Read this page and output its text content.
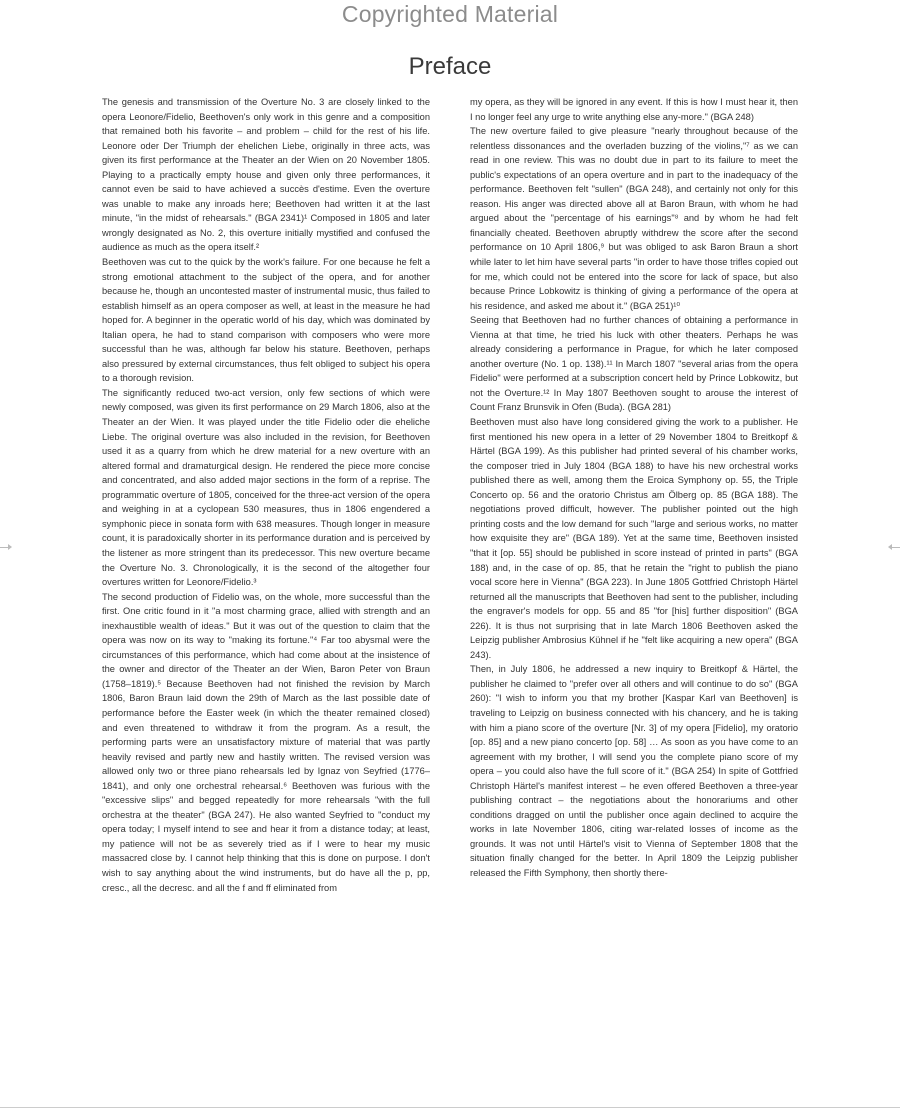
Copyrighted Material
Preface

The genesis and transmission of the Overture No. 3 are closely linked to the opera Leonore/Fidelio, Beethoven's only work in this genre and a composition that remained both his favorite – and problem – child for the rest of his life. Leonore oder Der Triumph der ehelichen Liebe, originally in three acts, was given its first performance at the Theater an der Wien on 20 November 1805. Playing to a practically empty house and given only three performances, it cannot even be said to have achieved a succès d'estime. Even the overture was unable to make any inroads here; Beethoven had written it at the last minute, "in the midst of rehearsals." (BGA 2341)¹ Composed in 1805 and later wrongly designated as No. 2, this overture initially mystified and confused the audience as much as the opera itself.²

Beethoven was cut to the quick by the work's failure. For one because he felt a strong emotional attachment to the subject of the opera, and for another because he, though an uncontested master of instrumental music, thus failed to establish himself as an opera composer as well, at least in the measure he had hoped for. A beginner in the operatic world of his day, which was dominated by Italian opera, he had to stand comparison with composers who were more successful than he was, although far below his stature. Beethoven, perhaps also pressured by external circumstances, thus felt obliged to subject his opera to a thorough revision.

The significantly reduced two-act version, only few sections of which were newly composed, was given its first performance on 29 March 1806, also at the Theater an der Wien. It was played under the title Fidelio oder die eheliche Liebe. The original overture was also included in the revision, for Beethoven used it as a quarry from which he drew material for a new overture with an altered formal and dramaturgical design. He rendered the piece more concise and concentrated, and also added major sections in the form of a reprise. The programmatic overture of 1805, conceived for the three-act version of the opera and weighing in at a cyclopean 530 measures, thus in 1806 engendered a symphonic piece in sonata form with 638 measures. Though longer in measure count, it is paradoxically shorter in its performance duration and is perceived by the listener as more stringent than its predecessor. This new overture became the Overture No. 3. Chronologically, it is the second of the altogether four overtures written for Leonore/Fidelio.³

The second production of Fidelio was, on the whole, more successful than the first. One critic found in it "a most charming grace, allied with strength and an inexhaustible wealth of ideas." But it was out of the question to claim that the opera was now on its way to "making its fortune."⁴ Far too abysmal were the circumstances of this performance, which had come about at the insistence of the owner and director of the Theater an der Wien, Baron Peter von Braun (1758–1819).⁵ Because Beethoven had not finished the revision by March 1806, Baron Braun laid down the 29th of March as the last possible date of performance before the Easter week (in which the theater remained closed) and even threatened to withdraw it from the program. As a result, the performing parts were an unsatisfactory mixture of material that was partly heavily revised and partly new and hastily written. The revised version was allowed only two or three piano rehearsals led by Ignaz von Seyfried (1776–1841), and only one orchestral rehearsal.⁶ Beethoven was furious with the "excessive slips" and begged repeatedly for more rehearsals "with the full orchestra at the theater" (BGA 247). He also wanted Seyfried to "conduct my opera today; I myself intend to see and hear it from a distance today; at least, my patience will not be as severely tried as if I were to hear my music massacred close by. I cannot help thinking that this is done on purpose. I don't wish to say anything about the wind instruments, but do have all the p, pp, cresc., all the decresc. and all the f and ff eliminated from

my opera, as they will be ignored in any event. If this is how I must hear it, then I no longer feel any urge to write anything else any-more." (BGA 248)

The new overture failed to give pleasure "nearly throughout because of the relentless dissonances and the overladen buzzing of the violins,"⁷ as we can read in one review. This was no doubt due in part to its failure to meet the public's expectations of an opera overture and in part to the inadequacy of the performance. Beethoven felt "sullen" (BGA 248), and certainly not only for this reason. His anger was directed above all at Baron Braun, with whom he had argued about the "percentage of his earnings"⁸ and by whom he had felt financially cheated. Beethoven abruptly withdrew the score after the second performance on 10 April 1806,⁹ but was obliged to ask Baron Braun a short while later to let him have several parts "in order to have those trifles copied out for me, which could not be entered into the score for lack of space, but also because Prince Lobkowitz is thinking of giving a performance of the opera at his residence, and asked me about it." (BGA 251)¹⁰

Seeing that Beethoven had no further chances of obtaining a performance in Vienna at that time, he tried his luck with other theaters. Perhaps he was already considering a performance in Prague, for which he later composed another overture (No. 1 op. 138).¹¹ In March 1807 "several arias from the opera Fidelio" were performed at a subscription concert held by Prince Lobkowitz, but not the Overture.¹² In May 1807 Beethoven sought to arouse the interest of Count Franz Brunsvik in Ofen (Buda). (BGA 281)

Beethoven must also have long considered giving the work to a publisher. He first mentioned his new opera in a letter of 29 November 1804 to Breitkopf & Härtel (BGA 199). As this publisher had printed several of his chamber works, the composer tried in July 1804 (BGA 188) to have his new orchestral works published there as well, among them the Eroica Symphony op. 55, the Triple Concerto op. 56 and the oratorio Christus am Ölberg op. 85 (BGA 188). The negotiations proved difficult, however. The publisher pointed out the high printing costs and the low demand for such "large and serious works, no matter how exquisite they are" (BGA 189). Yet at the same time, Beethoven insisted "that it [op. 55] should be published in score instead of printed in parts" (BGA 188) and, in the case of op. 85, that he retain the "right to publish the piano vocal score here in Vienna" (BGA 223). In June 1805 Gottfried Christoph Härtel returned all the manuscripts that Beethoven had sent to the publisher, including the engraver's models for opp. 55 and 85 "for [his] further disposition" (BGA 226). It is thus not surprising that in late March 1806 Beethoven asked the Leipzig publisher Ambrosius Kühnel if he "felt like acquiring a new opera" (BGA 243).

Then, in July 1806, he addressed a new inquiry to Breitkopf & Härtel, the publisher he claimed to "prefer over all others and will continue to do so" (BGA 260): "I wish to inform you that my brother [Kaspar Karl van Beethoven] is traveling to Leipzig on business connected with his chancery, and he is taking with him a piano score of the overture [Nr. 3] of my opera [Fidelio], my oratorio [op. 85] and a new piano concerto [op. 58] … As soon as you have come to an agreement with my brother, I will send you the complete piano score of my opera – you could also have the full score of it." (BGA 254) In spite of Gottfried Christoph Härtel's manifest interest – he even offered Beethoven a three-year publishing contract – the negotiations about the honorariums and other conditions dragged on until the publisher once again declined to acquire the works in late November 1806, citing war-related losses of income as the grounds. It was not until Härtel's visit to Vienna of September 1808 that the situation finally changed for the better. In April 1809 the Leipzig publisher released the Fifth Symphony, then shortly there-
